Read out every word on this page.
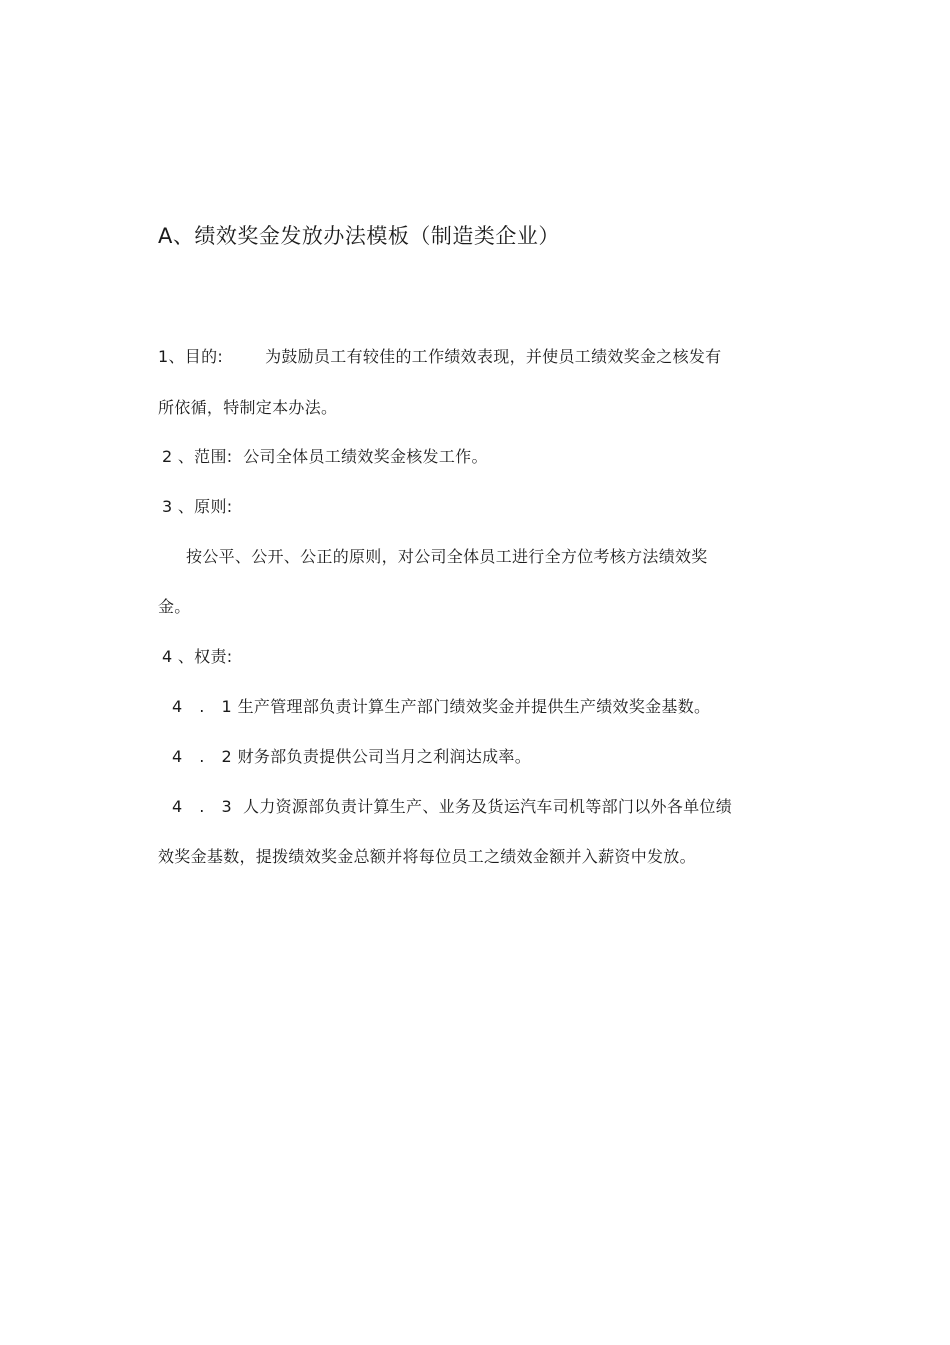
A、绩效奖金发放办法模板（制造类企业）
1、目的:	为鼓励员工有较佳的工作绩效表现，并使员工绩效奖金之核发有
所依循，特制定本办法。
2 、范围: 公司全体员工绩效奖金核发工作。
3 、原则:
按公平、公开、公正的原则，对公司全体员工进行全方位考核方法绩效奖
金。
4 、权责:
4 . 1生产管理部负责计算生产部门绩效奖金并提供生产绩效奖金基数。
4 . 2财务部负责提供公司当月之利润达成率。
4 . 3 人力资源部负责计算生产、业务及货运汽车司机等部门以外各单位绩
效奖金基数，提拨绩效奖金总额并将每位员工之绩效金额并入薪资中发放。
